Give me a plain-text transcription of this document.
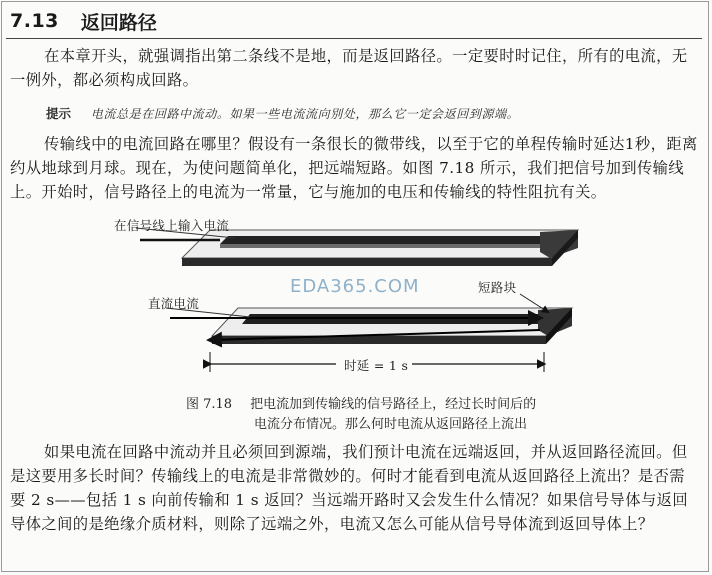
7.13 返回路径

在本章开头，就强调指出第二条线不是地，而是返回路径。一定要时时记住，所有的电流，无一例外，都必须构成回路。

提示 电流总是在回路中流动。如果一些电流流向别处，那么它一定会返回到源端。

传输线中的电流回路在哪里？假设有一条很长的微带线，以至于它的单程传输时延达1秒，距离约从地球到月球。现在，为使问题简单化，把远端短路。如图 7.18 所示，我们把信号加到传输线上。开始时，信号路径上的电流为一常量，它与施加的电压和传输线的特性阻抗有关。

在信号线上输入电流
短路块
直流电流
时延 = 1 s
EDA365.COM
图 7.18 把电流加到传输线的信号路径上，经过长时间后的
电流分布情况。那么何时电流从返回路径上流出

如果电流在回路中流动并且必须回到源端，我们预计电流在远端返回，并从返回路径流回。但是这要用多长时间？传输线上的电流是非常微妙的。何时才能看到电流从返回路径上流出？是否需要 2 s——包括 1 s 向前传输和 1 s 返回？当远端开路时又会发生什么情况？如果信号导体与返回导体之间的是绝缘介质材料，则除了远端之外，电流又怎么可能从信号导体流到返回导体上？
